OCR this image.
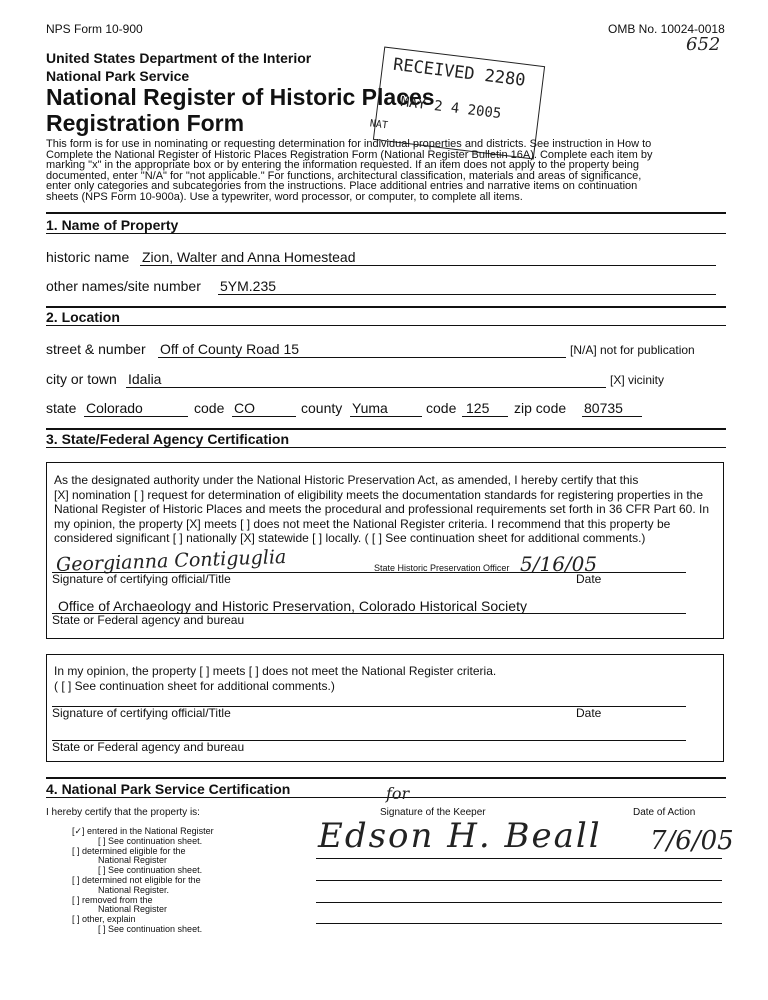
NPS Form 10-900	OMB No. 10024-0018
652
United States Department of the Interior
National Park Service
National Register of Historic Places
Registration Form
RECEIVED 2280
MAY 2 4 2005
NAT
This form is for use in nominating or requesting determination for individual properties and districts. See instruction in How to
Complete the National Register of Historic Places Registration Form (National Register Bulletin 16A). Complete each item by
marking "x" in the appropriate box or by entering the information requested. If an item does not apply to the property being
documented, enter "N/A" for "not applicable." For functions, architectural classification, materials and areas of significance,
enter only categories and subcategories from the instructions. Place additional entries and narrative items on continuation
sheets (NPS Form 10-900a). Use a typewriter, word processor, or computer, to complete all items.
1. Name of Property
historic name Zion, Walter and Anna Homestead
other names/site number 5YM.235
2. Location
street & number Off of County Road 15	[N/A] not for publication
city or town Idalia	[X] vicinity
state Colorado	code CO	county Yuma	code 125 zip code 80735
3. State/Federal Agency Certification
As the designated authority under the National Historic Preservation Act, as amended, I hereby certify that this
[X] nomination [ ] request for determination of eligibility meets the documentation standards for registering properties in the
National Register of Historic Places and meets the procedural and professional requirements set forth in 36 CFR Part 60. In
my opinion, the property [X] meets [ ] does not meet the National Register criteria. I recommend that this property be
considered significant [ ] nationally [X] statewide [ ] locally. ( [ ] See continuation sheet for additional comments.)
Georgianna Contiguglia	State Historic Preservation Officer 5/16/05
Signature of certifying official/Title	Date
Office of Archaeology and Historic Preservation, Colorado Historical Society
State or Federal agency and bureau
In my opinion, the property [ ] meets [ ] does not meet the National Register criteria.
( [ ] See continuation sheet for additional comments.)
Signature of certifying official/Title	Date
State or Federal agency and bureau
4. National Park Service Certification
I hereby certify that the property is:	Signature of the Keeper	Date of Action
for
Edson H. Beall 7/6/05
[✓] entered in the National Register
[ ] See continuation sheet.
[ ] determined eligible for the
National Register
[ ] See continuation sheet.
[ ] determined not eligible for the
National Register.
[ ] removed from the
National Register
[ ] other, explain
[ ] See continuation sheet.
